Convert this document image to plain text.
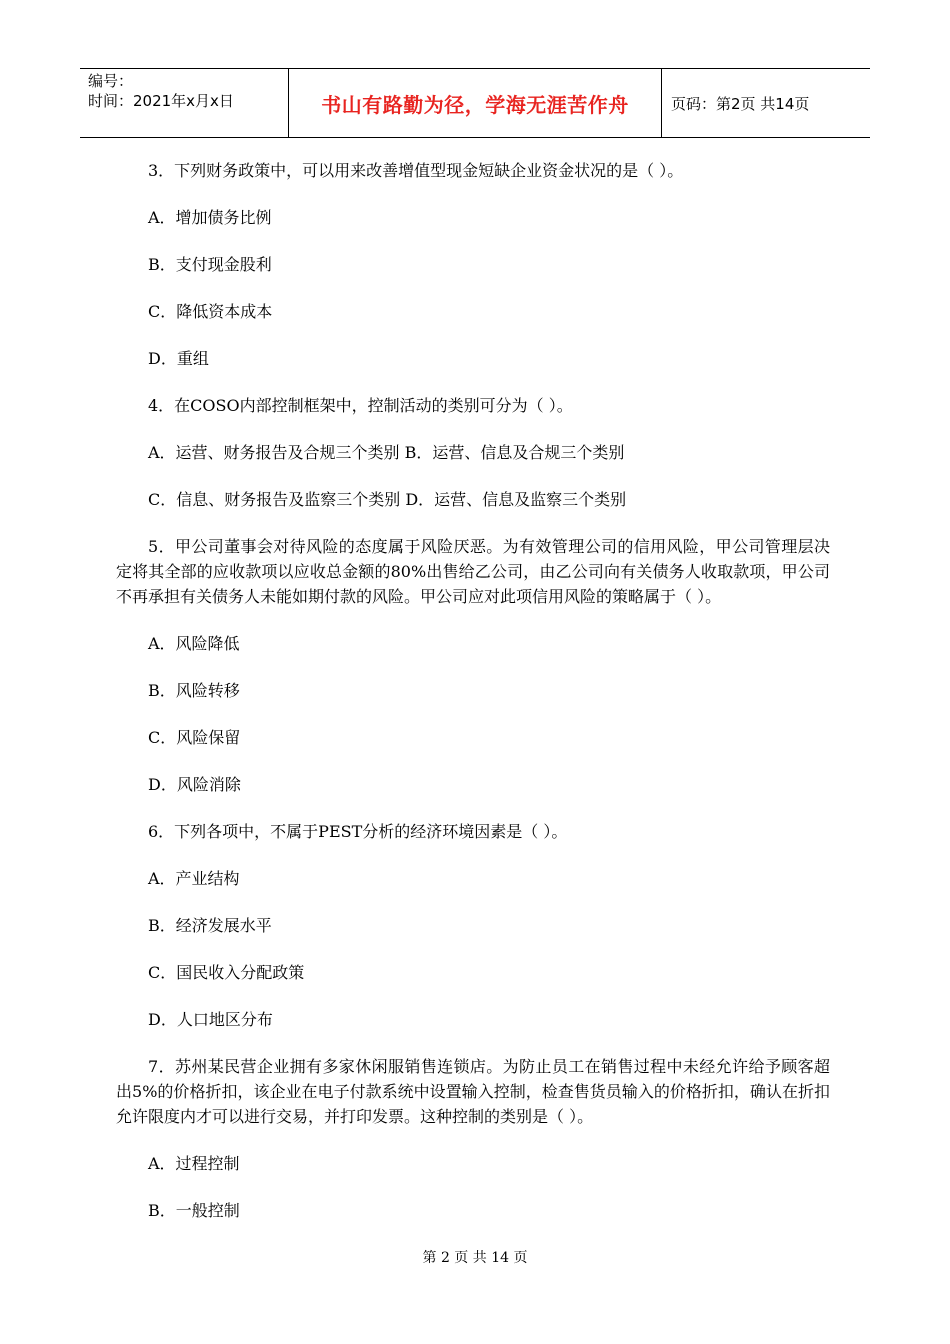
编号：
时间：2021年x月x日	书山有路勤为径，学海无涯苦作舟	页码：第2页 共14页
3．下列财务政策中，可以用来改善增值型现金短缺企业资金状况的是（ ）。
A．增加债务比例
B．支付现金股利
C．降低资本成本
D．重组
4．在COSO内部控制框架中，控制活动的类别可分为（ ）。
A．运营、财务报告及合规三个类别 B．运营、信息及合规三个类别
C．信息、财务报告及监察三个类别 D．运营、信息及监察三个类别
5．甲公司董事会对待风险的态度属于风险厌恶。为有效管理公司的信用风险，甲公司管理层决定将其全部的应收款项以应收总金额的80%出售给乙公司，由乙公司向有关债务人收取款项，甲公司不再承担有关债务人未能如期付款的风险。甲公司应对此项信用风险的策略属于（ ）。
A．风险降低
B．风险转移
C．风险保留
D．风险消除
6．下列各项中，不属于PEST分析的经济环境因素是（ ）。
A．产业结构
B．经济发展水平
C．国民收入分配政策
D．人口地区分布
7．苏州某民营企业拥有多家休闲服销售连锁店。为防止员工在销售过程中未经允许给予顾客超出5%的价格折扣，该企业在电子付款系统中设置输入控制，检查售货员输入的价格折扣，确认在折扣允许限度内才可以进行交易，并打印发票。这种控制的类别是（ ）。
A．过程控制
B．一般控制
第 2 页 共 14 页
